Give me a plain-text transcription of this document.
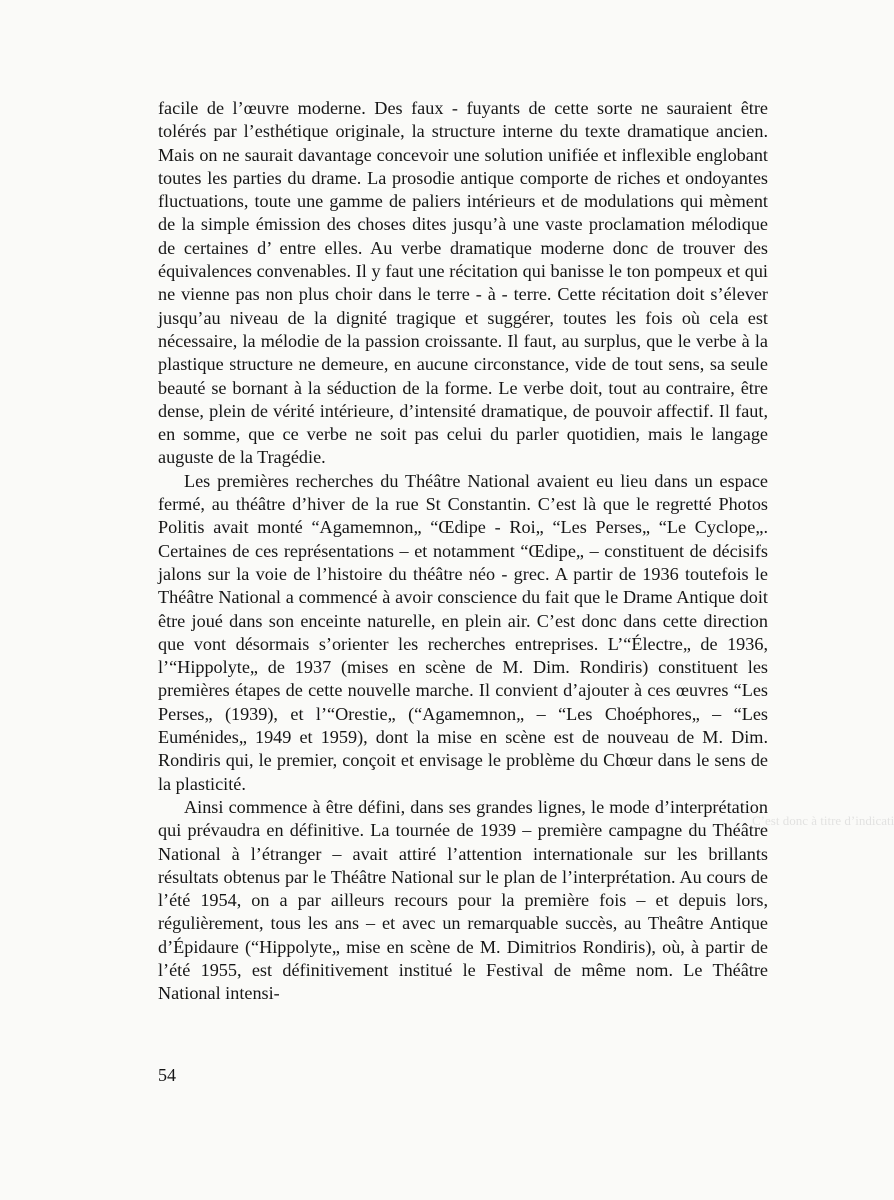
facile de l’œuvre moderne. Des faux - fuyants de cette sorte ne sauraient être tolérés par l’esthétique originale, la structure interne du texte dramatique ancien. Mais on ne saurait davantage concevoir une solution unifiée et inflexible englobant toutes les parties du drame. La prosodie antique comporte de riches et ondoyantes fluctuations, toute une gamme de paliers intérieurs et de modulations qui mèment de la simple émission des choses dites jusqu’à une vaste proclamation mélodique de certaines d’ entre elles. Au verbe dramatique moderne donc de trouver des équivalences convenables. Il y faut une récitation qui banisse le ton pompeux et qui ne vienne pas non plus choir dans le terre - à - terre. Cette récitation doit s’élever jusqu’au niveau de la dignité tragique et suggérer, toutes les fois où cela est nécessaire, la mélodie de la passion croissante. Il faut, au surplus, que le verbe à la plastique structure ne demeure, en aucune circonstance, vide de tout sens, sa seule beauté se bornant à la séduction de la forme. Le verbe doit, tout au contraire, être dense, plein de vérité intérieure, d’intensité dramatique, de pouvoir affectif. Il faut, en somme, que ce verbe ne soit pas celui du parler quotidien, mais le langage auguste de la Tragédie.

Les premières recherches du Théâtre National avaient eu lieu dans un espace fermé, au théâtre d’hiver de la rue St Constantin. C’est là que le regretté Photos Politis avait monté “Agamemnon„ “Œdipe - Roi„ “Les Perses„ “Le Cyclope„. Certaines de ces représentations – et notamment “Œdipe„ – constituent de décisifs jalons sur la voie de l’histoire du théâtre néo - grec. A partir de 1936 toutefois le Théâtre National a commencé à avoir conscience du fait que le Drame Antique doit être joué dans son enceinte naturelle, en plein air. C’est donc dans cette direction que vont désormais s’orienter les recherches entreprises. L’“Électre„ de 1936, l’“Hippolyte„ de 1937 (mises en scène de M. Dim. Rondiris) constituent les premières étapes de cette nouvelle marche. Il convient d’ajouter à ces œuvres “Les Perses„ (1939), et l’“Orestie„ (“Agamemnon„ – “Les Choéphores„ – “Les Euménides„ 1949 et 1959), dont la mise en scène est de nouveau de M. Dim. Rondiris qui, le premier, conçoit et envisage le problème du Chœur dans le sens de la plasticité.

Ainsi commence à être défini, dans ses grandes lignes, le mode d’interprétation qui prévaudra en définitive. La tournée de 1939 – première campagne du Théâtre National à l’étranger – avait attiré l’attention internationale sur les brillants résultats obtenus par le Théâtre National sur le plan de l’interprétation. Au cours de l’été 1954, on a par ailleurs recours pour la première fois – et depuis lors, régulièrement, tous les ans – et avec un remarquable succès, au Theâtre Antique d’Épidaure (“Hippolyte„ mise en scène de M. Dimitrios Rondiris), où, à partir de l’été 1955, est définitivement institué le Festival de même nom. Le Théâtre National intensi-

C’est donc à titre d’indicati
54
